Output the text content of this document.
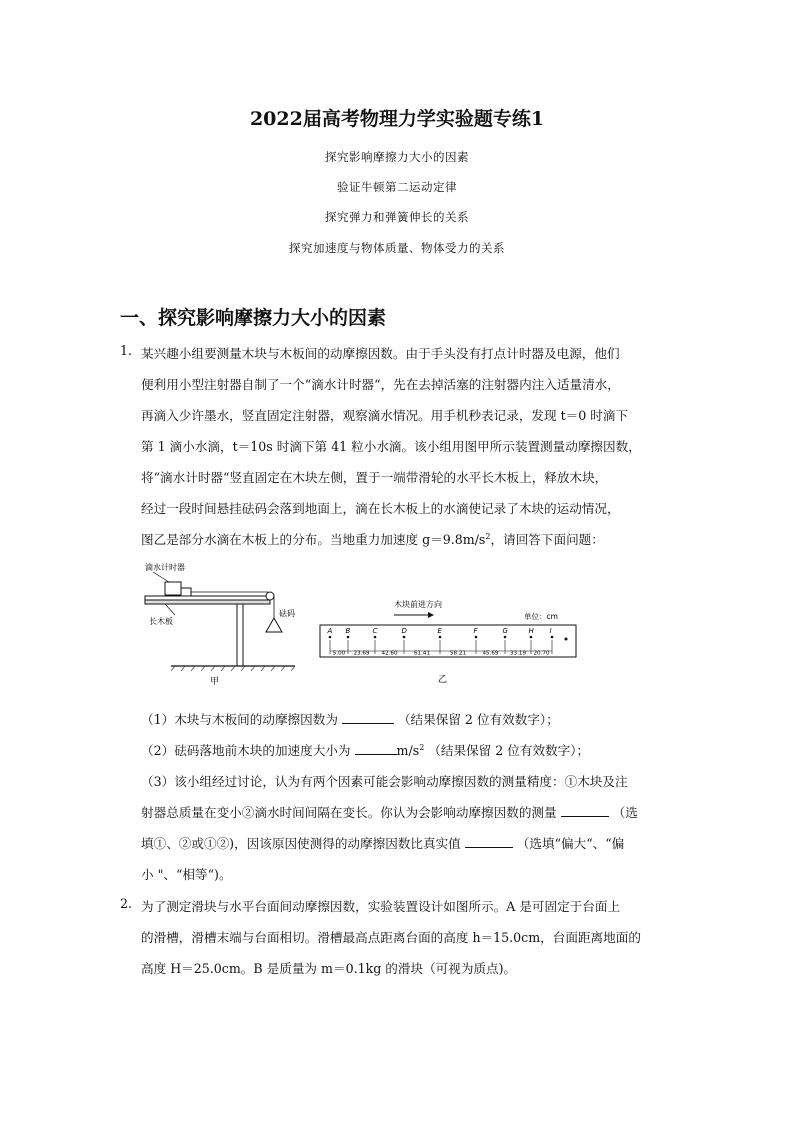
2022届高考物理力学实验题专练1
探究影响摩擦力大小的因素
验证牛顿第二运动定律
探究弹力和弹簧伸长的关系
探究加速度与物体质量、物体受力的关系
一、探究影响摩擦力大小的因素
1. 某兴趣小组要测量木块与木板间的动摩擦因数。由于手头没有打点计时器及电源，他们
便利用小型注射器自制了一个“滴水计时器“，先在去掉活塞的注射器内注入适量清水，
再滴入少许墨水，竖直固定注射器，观察滴水情况。用手机秒表记录，发现 t＝0 时滴下
第 1 滴小水滴，t＝10s 时滴下第 41 粒小水滴。该小组用图甲所示装置测量动摩擦因数，
将“滴水计时器“竖直固定在木块左侧，置于一端带滑轮的水平长木板上，释放木块，
经过一段时间悬挂砝码会落到地面上，滴在长木板上的水滴使记录了木块的运动情况，
图乙是部分水滴在木板上的分布。当地重力加速度 $g=9.8m/s^2$，请回答下面问题：
滴水计时器
砝码
长木板
甲
木块前进方向
单位：cm
A B	C	D	E	F	G	H I
5.00 23.69 42.60	61.41	58.21	45.69 33.19 20.70
乙
（1）木块与木板间的动摩擦因数为	（结果保留 2 位有效数字）；
（2）砝码落地前木块的加速度大小为	$m/s^2$ （结果保留 2 位有效数字）；
（3）该小组经过讨论，认为有两个因素可能会影响动摩擦因数的测量精度：①木块及注
射器总质量在变小②滴水时间间隔在变长。你认为会影响动摩擦因数的测量	（选
填①、②或①②)，因该原因使测得的动摩擦因数比真实值	（选填“偏大“、“偏
小 "、“相等“)。
2. 为了测定滑块与水平台面间动摩擦因数，实验装置设计如图所示。A 是可固定于台面上
的滑槽，滑槽末端与台面相切。滑槽最高点距离台面的高度 h＝15.0cm，台面距离地面的
高度 H＝25.0cm。B 是质量为 m＝0.1kg 的滑块（可视为质点)。
